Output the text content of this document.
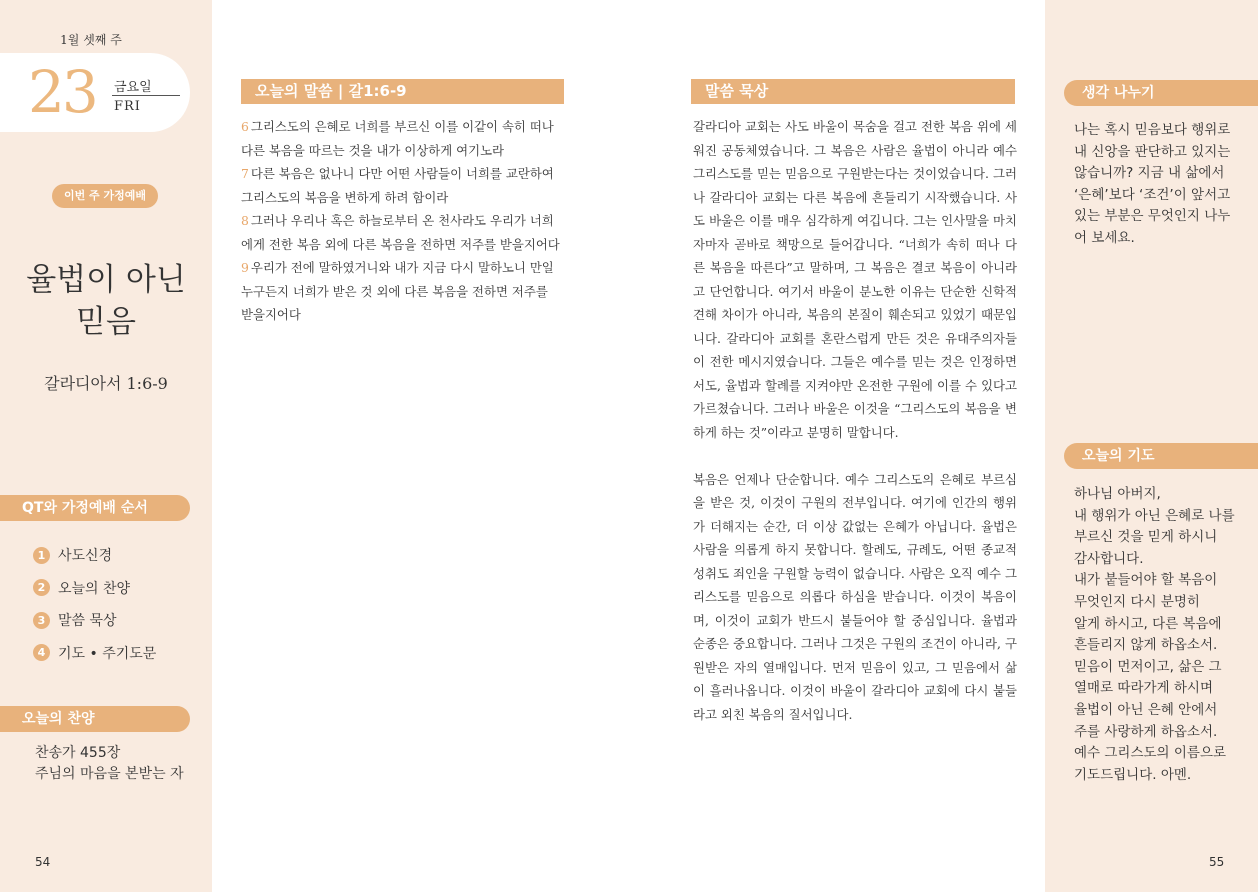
1월 셋째 주
23 금요일
FRI
이번 주 가정예배
율법이 아닌
믿음
갈라디아서 1:6-9
QT와 가정예배 순서
1 사도신경
2 오늘의 찬양
3 말씀 묵상
4 기도 • 주기도문
오늘의 찬양
찬송가 455장
주님의 마음을 본받는 자
54
오늘의 말씀 | 갈1:6-9
6 그리스도의 은혜로 너희를 부르신 이를 이같이 속히 떠나 다른 복음을 따르는 것을 내가 이상하게 여기노라
7 다른 복음은 없나니 다만 어떤 사람들이 너희를 교란하여 그리스도의 복음을 변하게 하려 함이라
8 그러나 우리나 혹은 하늘로부터 온 천사라도 우리가 너희에게 전한 복음 외에 다른 복음을 전하면 저주를 받을지어다
9 우리가 전에 말하였거니와 내가 지금 다시 말하노니 만일 누구든지 너희가 받은 것 외에 다른 복음을 전하면 저주를 받을지어다
말씀 묵상

갈라디아 교회는 사도 바울이 목숨을 걸고 전한 복음 위에 세워진 공동체였습니다. 그 복음은 사람은 율법이 아니라 예수 그리스도를 믿는 믿음으로 구원받는다는 것이었습니다. 그러나 갈라디아 교회는 다른 복음에 흔들리기 시작했습니다. 사도 바울은 이를 매우 심각하게 여깁니다. 그는 인사말을 마치자마자 곧바로 책망으로 들어갑니다. “너희가 속히 떠나 다른 복음을 따른다”고 말하며, 그 복음은 결코 복음이 아니라고 단언합니다. 여기서 바울이 분노한 이유는 단순한 신학적 견해 차이가 아니라, 복음의 본질이 훼손되고 있었기 때문입니다. 갈라디아 교회를 혼란스럽게 만든 것은 유대주의자들이 전한 메시지였습니다. 그들은 예수를 믿는 것은 인정하면서도, 율법과 할례를 지켜야만 온전한 구원에 이를 수 있다고 가르쳤습니다. 그러나 바울은 이것을 “그리스도의 복음을 변하게 하는 것”이라고 분명히 말합니다.

복음은 언제나 단순합니다. 예수 그리스도의 은혜로 부르심을 받은 것, 이것이 구원의 전부입니다. 여기에 인간의 행위가 더해지는 순간, 더 이상 값없는 은혜가 아닙니다. 율법은 사람을 의롭게 하지 못합니다. 할례도, 규례도, 어떤 종교적 성취도 죄인을 구원할 능력이 없습니다. 사람은 오직 예수 그리스도를 믿음으로 의롭다 하심을 받습니다. 이것이 복음이며, 이것이 교회가 반드시 붙들어야 할 중심입니다. 율법과 순종은 중요합니다. 그러나 그것은 구원의 조건이 아니라, 구원받은 자의 열매입니다. 먼저 믿음이 있고, 그 믿음에서 삶이 흘러나옵니다. 이것이 바울이 갈라디아 교회에 다시 붙들라고 외친 복음의 질서입니다.

생각 나누기
나는 혹시 믿음보다 행위로 내 신앙을 판단하고 있지는 않습니까? 지금 내 삶에서 ‘은혜’보다 ‘조건’이 앞서고 있는 부분은 무엇인지 나누어 보세요.
오늘의 기도
하나님 아버지,
내 행위가 아닌 은혜로 나를
부르신 것을 믿게 하시니
감사합니다.
내가 붙들어야 할 복음이
무엇인지 다시 분명히
알게 하시고, 다른 복음에
흔들리지 않게 하옵소서.
믿음이 먼저이고, 삶은 그
열매로 따라가게 하시며
율법이 아닌 은혜 안에서
주를 사랑하게 하옵소서.
예수 그리스도의 이름으로
기도드립니다. 아멘.
55
